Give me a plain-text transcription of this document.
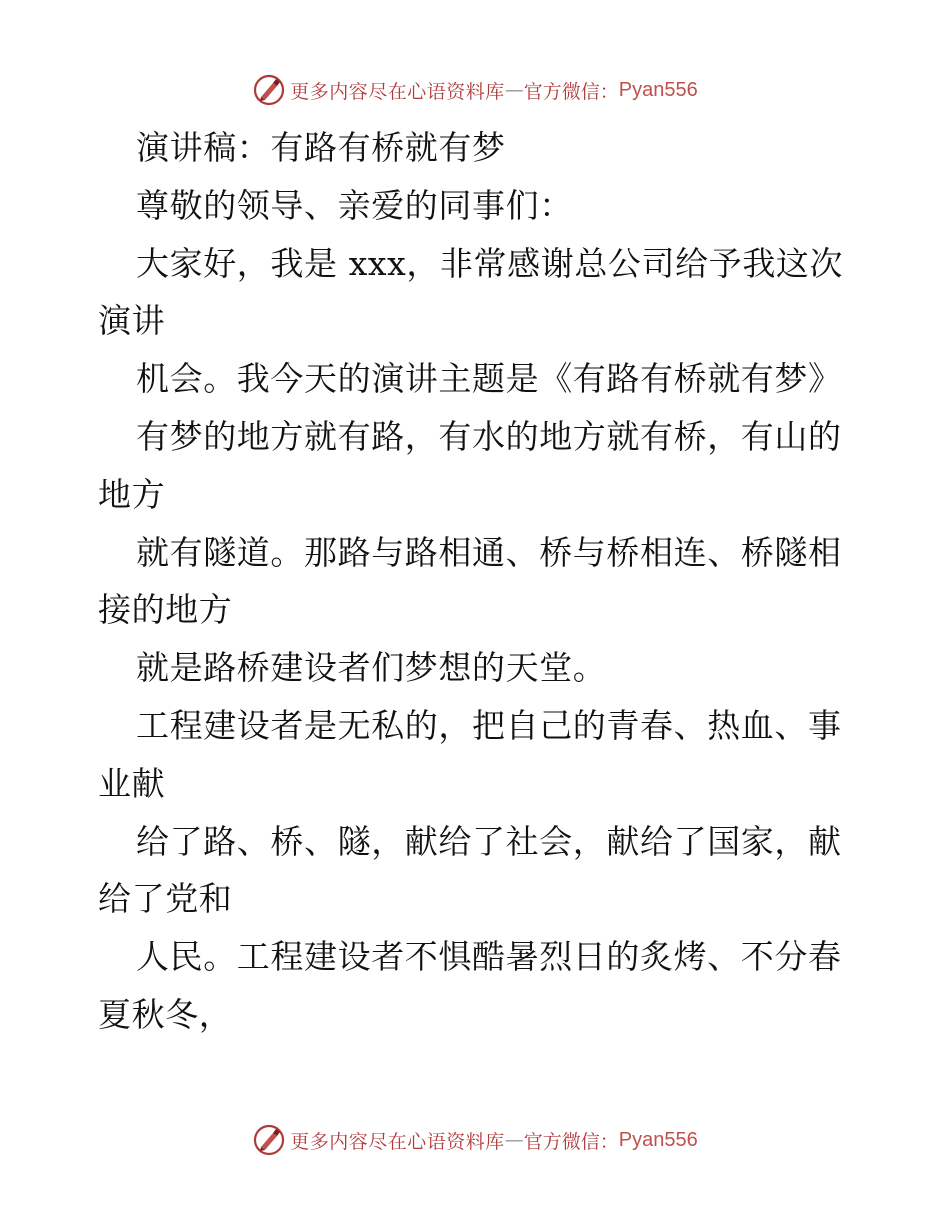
更多内容尽在心语资料库 — 官方微信： Pyan556
演讲稿：有路有桥就有梦
尊敬的领导、亲爱的同事们：
大家好，我是 xxx，非常感谢总公司给予我这次
演讲
机会。我今天的演讲主题是《有路有桥就有梦》
有梦的地方就有路，有水的地方就有桥，有山的
地方
就有隧道。那路与路相通、桥与桥相连、桥隧相
接的地方
就是路桥建设者们梦想的天堂。
工程建设者是无私的，把自己的青春、热血、事
业献
给了路、桥、隧，献给了社会，献给了国家，献
给了党和
人民。工程建设者不惧酷暑烈日的炙烤、不分春
夏秋冬，
更多内容尽在心语资料库 — 官方微信： Pyan556
